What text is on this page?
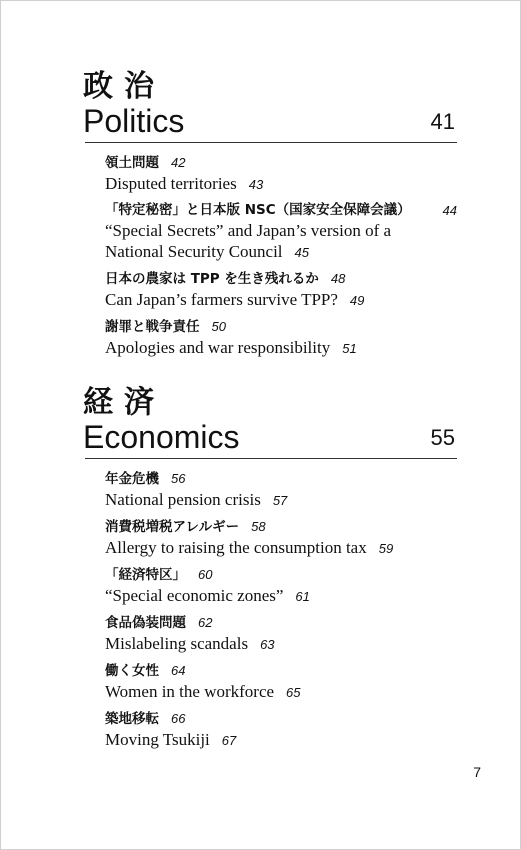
政治
Politics	41
領土問題 42
Disputed territories 43
「特定秘密」と日本版 NSC（国家安全保障会議） 44
“Special Secrets” and Japan’s version of a
National Security Council 45
日本の農家は TPP を生き残れるか 48
Can Japan’s farmers survive TPP? 49
謝罪と戦争責任 50
Apologies and war responsibility 51
経済
Economics	55
年金危機 56
National pension crisis 57
消費税増税アレルギー 58
Allergy to raising the consumption tax 59
「経済特区」 60
“Special economic zones” 61
食品偽装問題 62
Mislabeling scandals 63
働く女性 64
Women in the workforce 65
築地移転 66
Moving Tsukiji 67
7
